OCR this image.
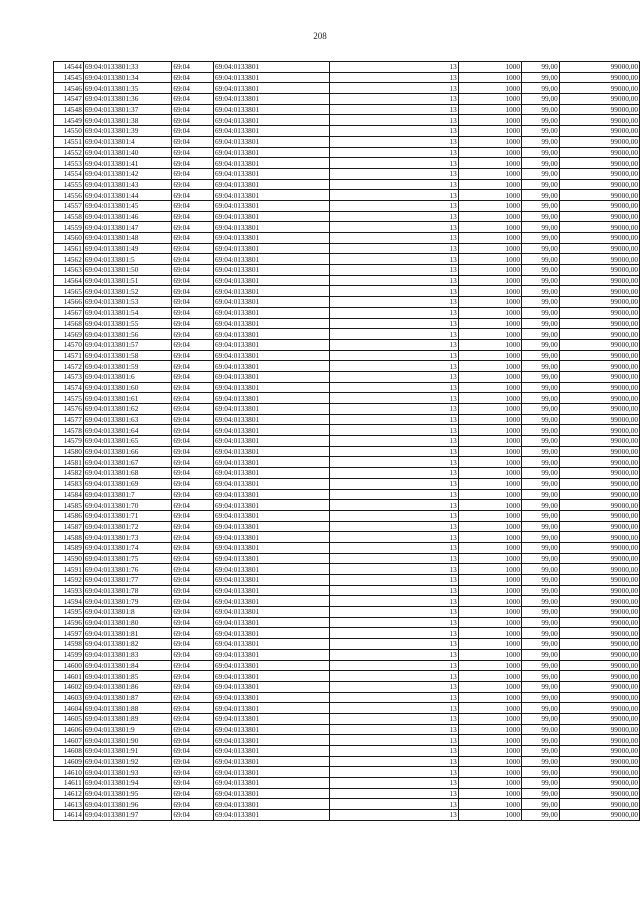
208
14544	69:04:0133801:33	69:04	69:04:0133801	13	1000	99,00	99000,00
14545	69:04:0133801:34	69:04	69:04:0133801	13	1000	99,00	99000,00
14546	69:04:0133801:35	69:04	69:04:0133801	13	1000	99,00	99000,00
14547	69:04:0133801:36	69:04	69:04:0133801	13	1000	99,00	99000,00
14548	69:04:0133801:37	69:04	69:04:0133801	13	1000	99,00	99000,00
14549	69:04:0133801:38	69:04	69:04:0133801	13	1000	99,00	99000,00
14550	69:04:0133801:39	69:04	69:04:0133801	13	1000	99,00	99000,00
14551	69:04:0133801:4	69:04	69:04:0133801	13	1000	99,00	99000,00
14552	69:04:0133801:40	69:04	69:04:0133801	13	1000	99,00	99000,00
14553	69:04:0133801:41	69:04	69:04:0133801	13	1000	99,00	99000,00
14554	69:04:0133801:42	69:04	69:04:0133801	13	1000	99,00	99000,00
14555	69:04:0133801:43	69:04	69:04:0133801	13	1000	99,00	99000,00
14556	69:04:0133801:44	69:04	69:04:0133801	13	1000	99,00	99000,00
14557	69:04:0133801:45	69:04	69:04:0133801	13	1000	99,00	99000,00
14558	69:04:0133801:46	69:04	69:04:0133801	13	1000	99,00	99000,00
14559	69:04:0133801:47	69:04	69:04:0133801	13	1000	99,00	99000,00
14560	69:04:0133801:48	69:04	69:04:0133801	13	1000	99,00	99000,00
14561	69:04:0133801:49	69:04	69:04:0133801	13	1000	99,00	99000,00
14562	69:04:0133801:5	69:04	69:04:0133801	13	1000	99,00	99000,00
14563	69:04:0133801:50	69:04	69:04:0133801	13	1000	99,00	99000,00
14564	69:04:0133801:51	69:04	69:04:0133801	13	1000	99,00	99000,00
14565	69:04:0133801:52	69:04	69:04:0133801	13	1000	99,00	99000,00
14566	69:04:0133801:53	69:04	69:04:0133801	13	1000	99,00	99000,00
14567	69:04:0133801:54	69:04	69:04:0133801	13	1000	99,00	99000,00
14568	69:04:0133801:55	69:04	69:04:0133801	13	1000	99,00	99000,00
14569	69:04:0133801:56	69:04	69:04:0133801	13	1000	99,00	99000,00
14570	69:04:0133801:57	69:04	69:04:0133801	13	1000	99,00	99000,00
14571	69:04:0133801:58	69:04	69:04:0133801	13	1000	99,00	99000,00
14572	69:04:0133801:59	69:04	69:04:0133801	13	1000	99,00	99000,00
14573	69:04:0133801:6	69:04	69:04:0133801	13	1000	99,00	99000,00
14574	69:04:0133801:60	69:04	69:04:0133801	13	1000	99,00	99000,00
14575	69:04:0133801:61	69:04	69:04:0133801	13	1000	99,00	99000,00
14576	69:04:0133801:62	69:04	69:04:0133801	13	1000	99,00	99000,00
14577	69:04:0133801:63	69:04	69:04:0133801	13	1000	99,00	99000,00
14578	69:04:0133801:64	69:04	69:04:0133801	13	1000	99,00	99000,00
14579	69:04:0133801:65	69:04	69:04:0133801	13	1000	99,00	99000,00
14580	69:04:0133801:66	69:04	69:04:0133801	13	1000	99,00	99000,00
14581	69:04:0133801:67	69:04	69:04:0133801	13	1000	99,00	99000,00
14582	69:04:0133801:68	69:04	69:04:0133801	13	1000	99,00	99000,00
14583	69:04:0133801:69	69:04	69:04:0133801	13	1000	99,00	99000,00
14584	69:04:0133801:7	69:04	69:04:0133801	13	1000	99,00	99000,00
14585	69:04:0133801:70	69:04	69:04:0133801	13	1000	99,00	99000,00
14586	69:04:0133801:71	69:04	69:04:0133801	13	1000	99,00	99000,00
14587	69:04:0133801:72	69:04	69:04:0133801	13	1000	99,00	99000,00
14588	69:04:0133801:73	69:04	69:04:0133801	13	1000	99,00	99000,00
14589	69:04:0133801:74	69:04	69:04:0133801	13	1000	99,00	99000,00
14590	69:04:0133801:75	69:04	69:04:0133801	13	1000	99,00	99000,00
14591	69:04:0133801:76	69:04	69:04:0133801	13	1000	99,00	99000,00
14592	69:04:0133801:77	69:04	69:04:0133801	13	1000	99,00	99000,00
14593	69:04:0133801:78	69:04	69:04:0133801	13	1000	99,00	99000,00
14594	69:04:0133801:79	69:04	69:04:0133801	13	1000	99,00	99000,00
14595	69:04:0133801:8	69:04	69:04:0133801	13	1000	99,00	99000,00
14596	69:04:0133801:80	69:04	69:04:0133801	13	1000	99,00	99000,00
14597	69:04:0133801:81	69:04	69:04:0133801	13	1000	99,00	99000,00
14598	69:04:0133801:82	69:04	69:04:0133801	13	1000	99,00	99000,00
14599	69:04:0133801:83	69:04	69:04:0133801	13	1000	99,00	99000,00
14600	69:04:0133801:84	69:04	69:04:0133801	13	1000	99,00	99000,00
14601	69:04:0133801:85	69:04	69:04:0133801	13	1000	99,00	99000,00
14602	69:04:0133801:86	69:04	69:04:0133801	13	1000	99,00	99000,00
14603	69:04:0133801:87	69:04	69:04:0133801	13	1000	99,00	99000,00
14604	69:04:0133801:88	69:04	69:04:0133801	13	1000	99,00	99000,00
14605	69:04:0133801:89	69:04	69:04:0133801	13	1000	99,00	99000,00
14606	69:04:0133801:9	69:04	69:04:0133801	13	1000	99,00	99000,00
14607	69:04:0133801:90	69:04	69:04:0133801	13	1000	99,00	99000,00
14608	69:04:0133801:91	69:04	69:04:0133801	13	1000	99,00	99000,00
14609	69:04:0133801:92	69:04	69:04:0133801	13	1000	99,00	99000,00
14610	69:04:0133801:93	69:04	69:04:0133801	13	1000	99,00	99000,00
14611	69:04:0133801:94	69:04	69:04:0133801	13	1000	99,00	99000,00
14612	69:04:0133801:95	69:04	69:04:0133801	13	1000	99,00	99000,00
14613	69:04:0133801:96	69:04	69:04:0133801	13	1000	99,00	99000,00
14614	69:04:0133801:97	69:04	69:04:0133801	13	1000	99,00	99000,00
